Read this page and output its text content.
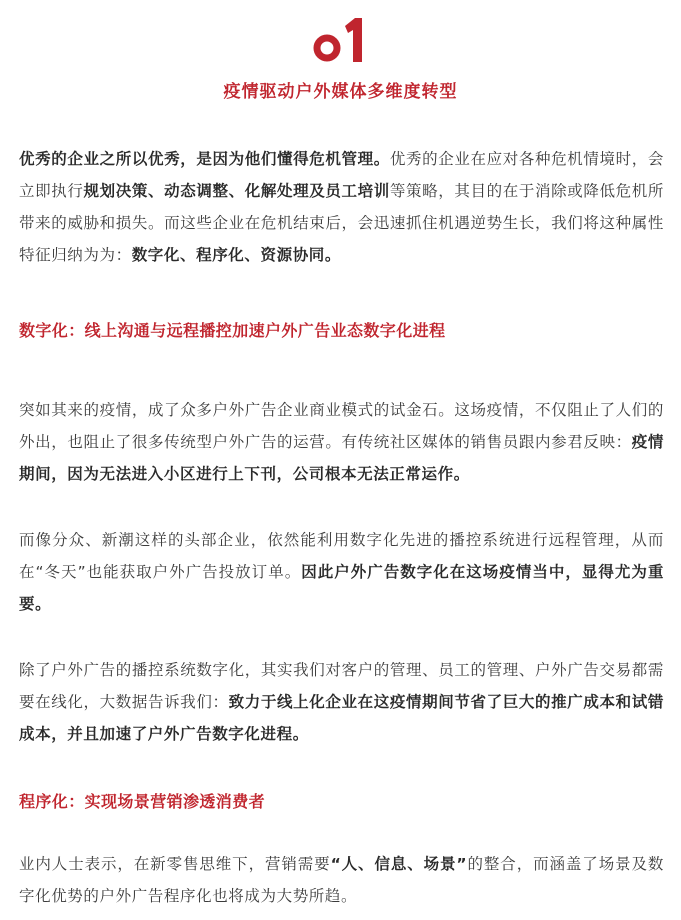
疫情驱动户外媒体多维度转型

优秀的企业之所以优秀，是因为他们懂得危机管理。优秀的企业在应对各种危机情境时，会立即执行规划决策、动态调整、化解处理及员工培训等策略，其目的在于消除或降低危机所带来的威胁和损失。而这些企业在危机结束后，会迅速抓住机遇逆势生长，我们将这种属性特征归纳为为：数字化、程序化、资源协同。

数字化：线上沟通与远程播控加速户外广告业态数字化进程

突如其来的疫情，成了众多户外广告企业商业模式的试金石。这场疫情，不仅阻止了人们的外出，也阻止了很多传统型户外广告的运营。有传统社区媒体的销售员跟内参君反映：疫情期间，因为无法进入小区进行上下刊，公司根本无法正常运作。

而像分众、新潮这样的头部企业，依然能利用数字化先进的播控系统进行远程管理，从而在“冬天”也能获取户外广告投放订单。因此户外广告数字化在这场疫情当中，显得尤为重要。

除了户外广告的播控系统数字化，其实我们对客户的管理、员工的管理、户外广告交易都需要在线化，大数据告诉我们：致力于线上化企业在这疫情期间节省了巨大的推广成本和试错成本，并且加速了户外广告数字化进程。

程序化：实现场景营销渗透消费者

业内人士表示，在新零售思维下，营销需要“人、信息、场景”的整合，而涵盖了场景及数字化优势的户外广告程序化也将成为大势所趋。
